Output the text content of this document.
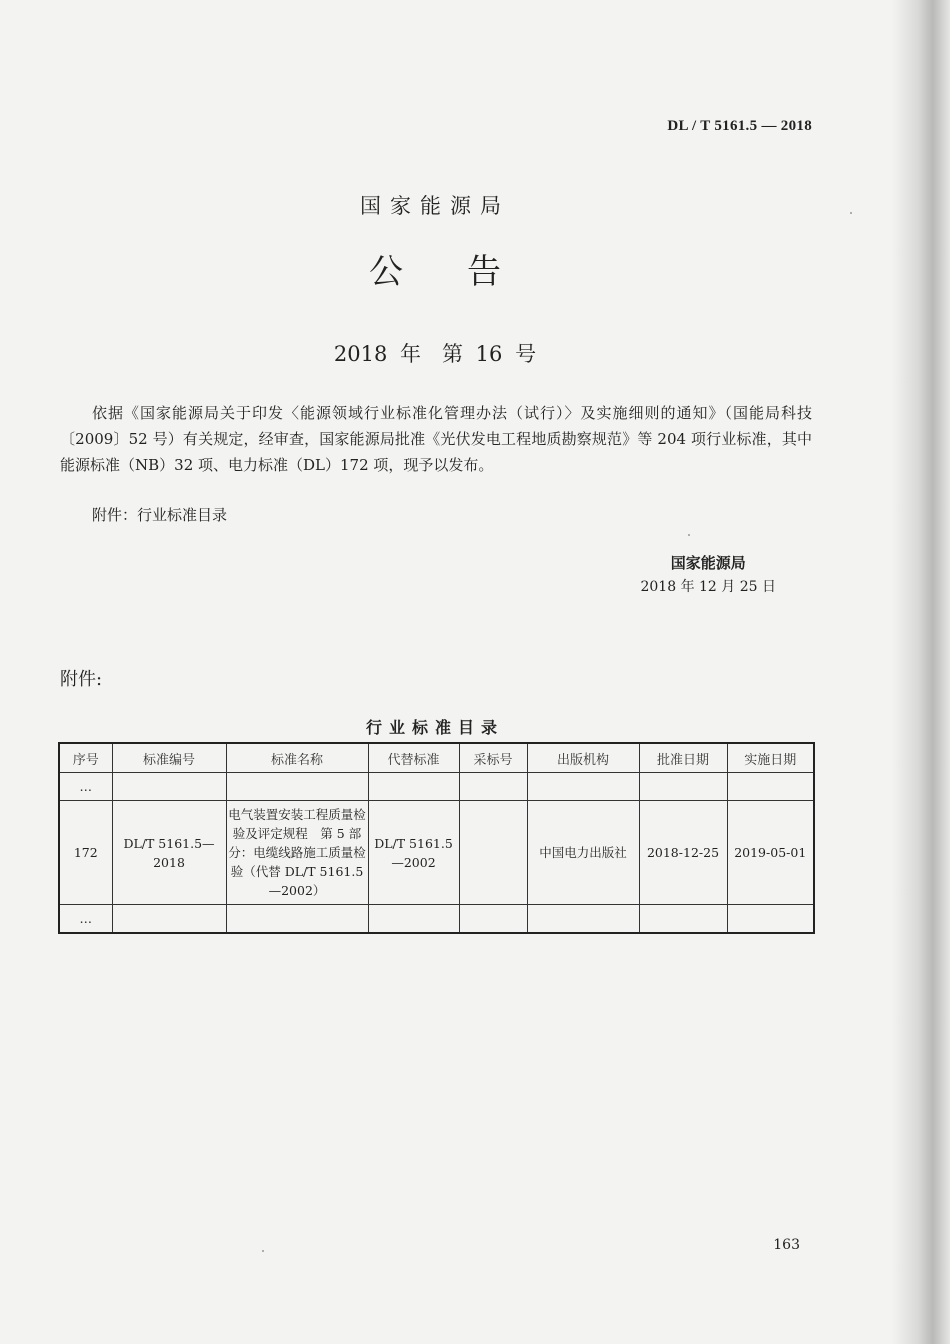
DL / T 5161.5 — 2018
国家能源局
公告
2018 年　第 16 号

依据《国家能源局关于印发〈能源领域行业标准化管理办法（试行）〉及实施细则的通知》（国能局科技〔2009〕52 号）有关规定，经审查，国家能源局批准《光伏发电工程地质勘察规范》等 204 项行业标准，其中能源标准（NB）32 项、电力标准（DL）172 项，现予以发布。

附件：行业标准目录
国家能源局
2018 年 12 月 25 日
附件:
行业标准目录
序号	标准编号	标准名称	代替标准	采标号	出版机构	批准日期	实施日期
…							
172	DL/T 5161.5—2018	电气装置安装工程质量检验及评定规程　第 5 部分：电缆线路施工质量检验（代替 DL/T 5161.5—2002）	DL/T 5161.5—2002		中国电力出版社	2018-12-25	2019-05-01
…							
163
